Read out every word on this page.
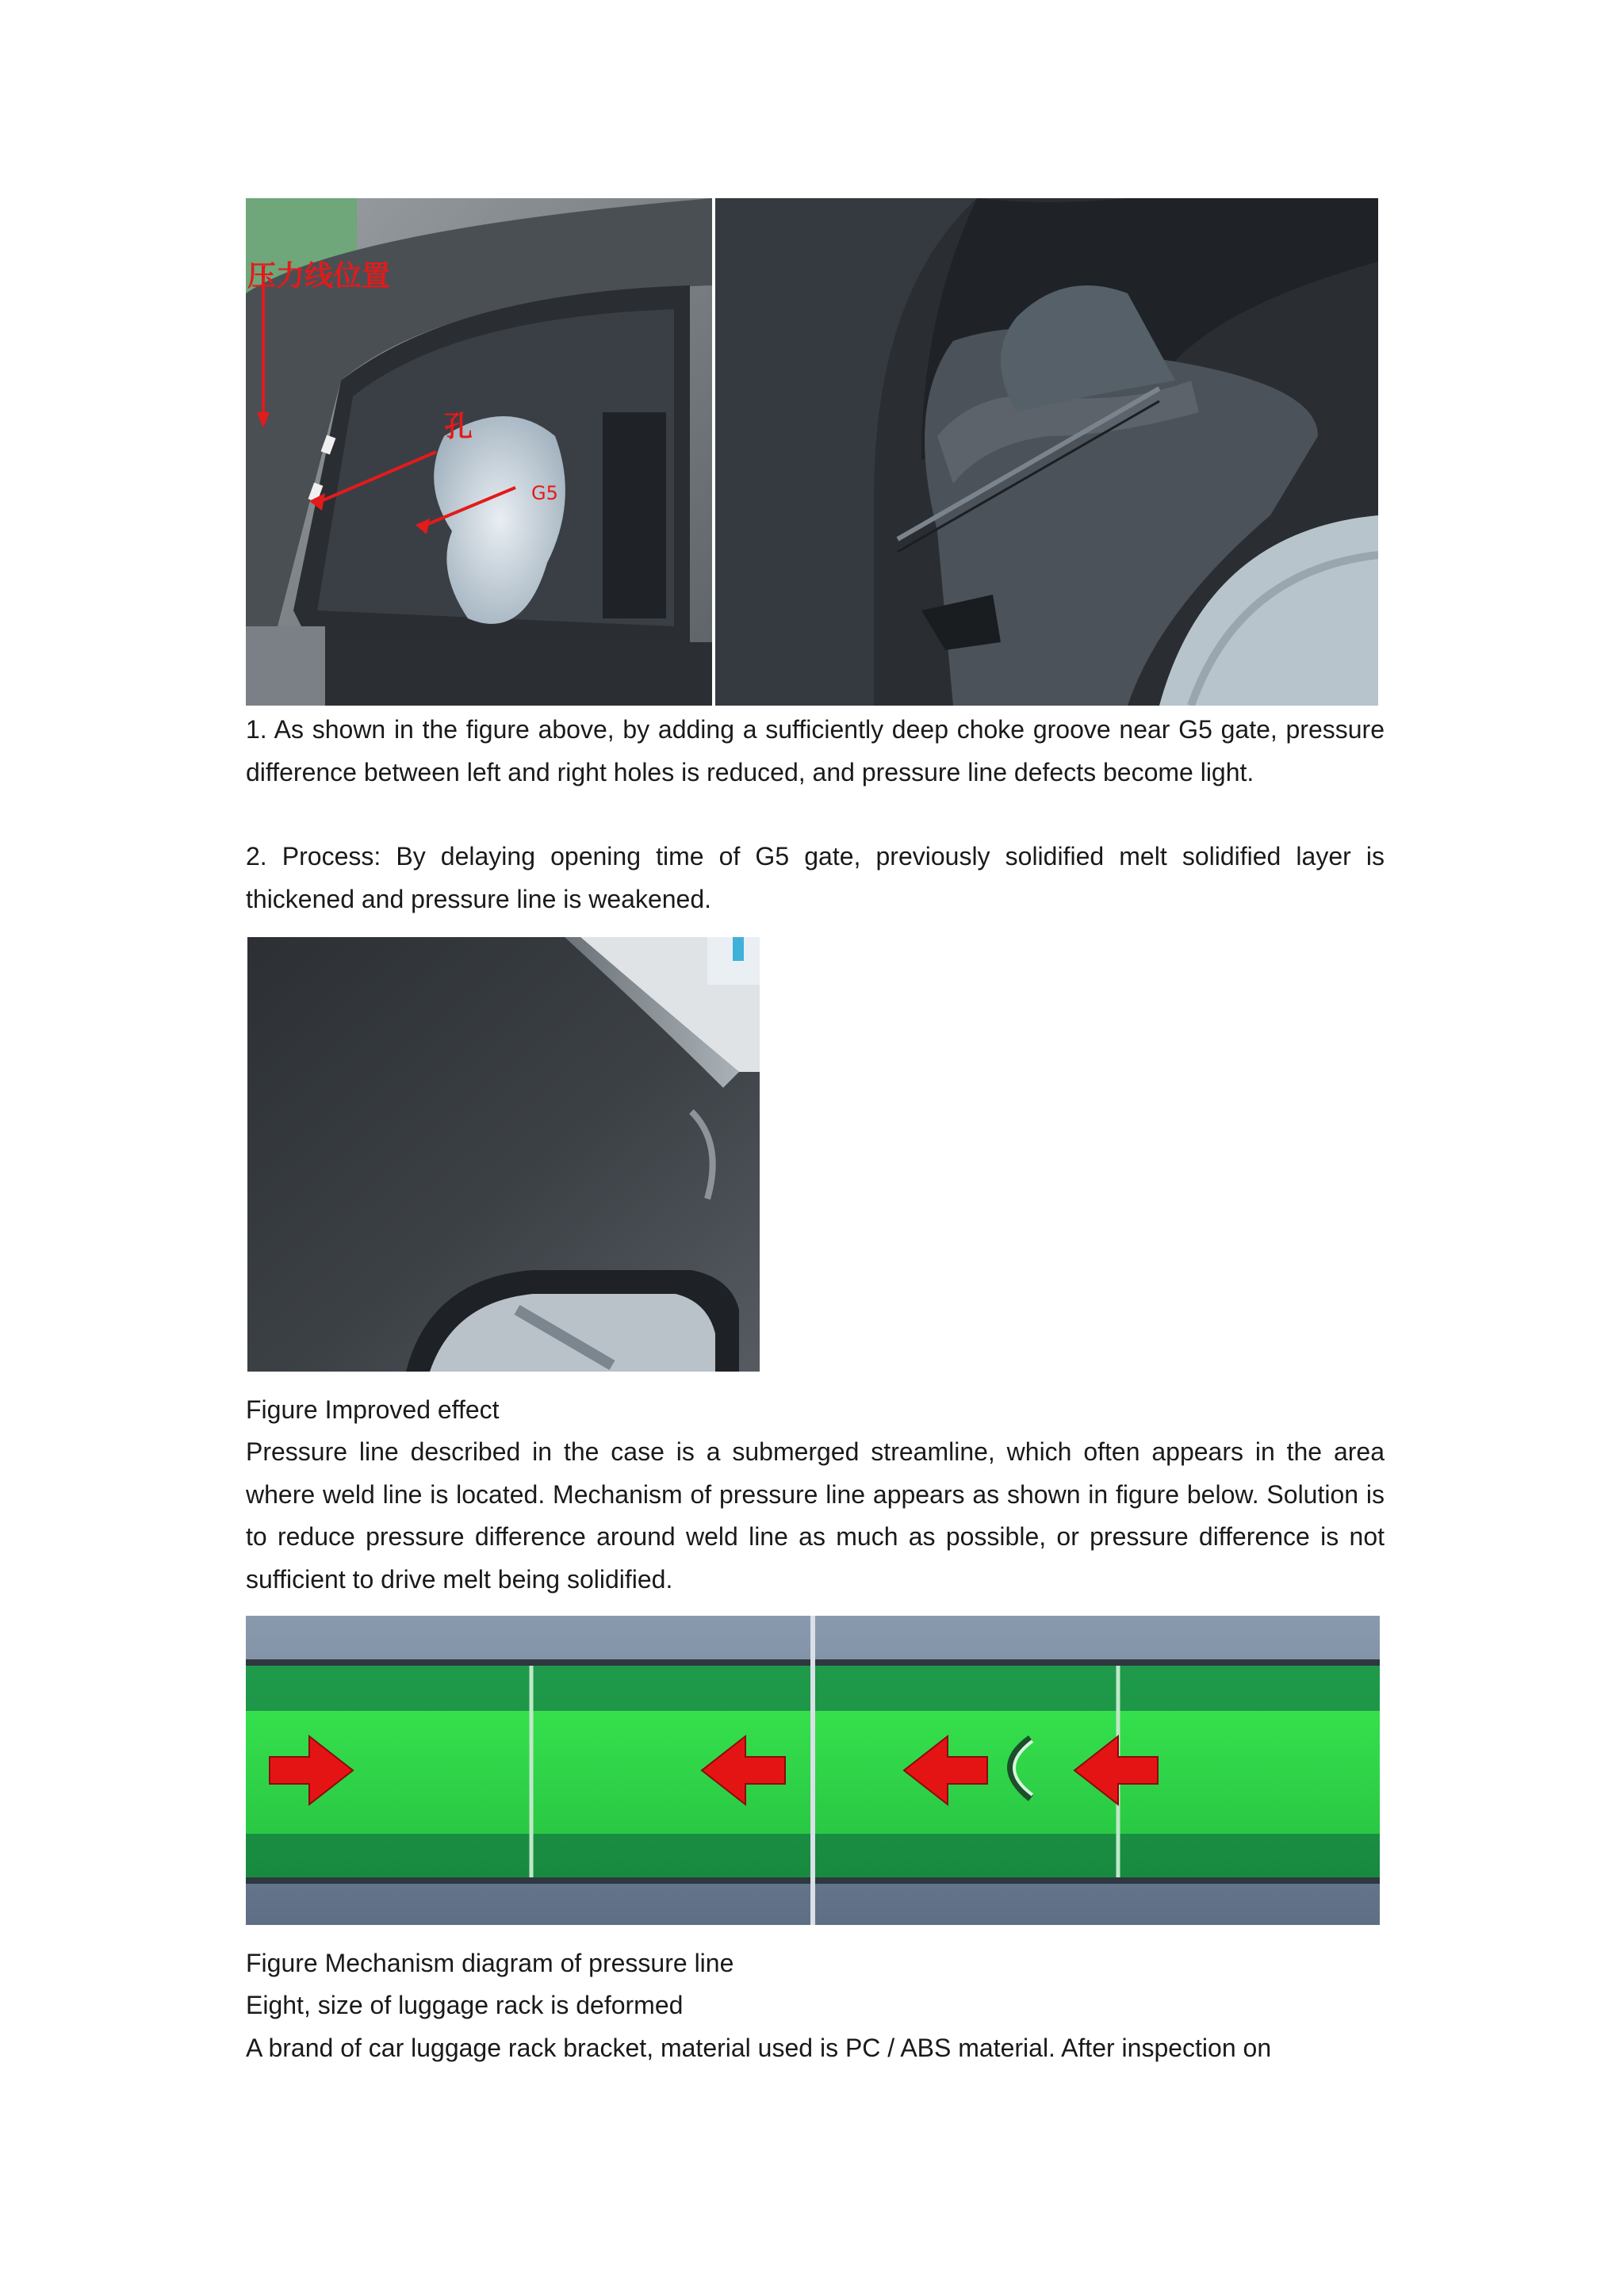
压力线位置
孔
G5

1. As shown in the figure above, by adding a sufficiently deep choke groove near G5 gate, pressure difference between left and right holes is reduced, and pressure line defects become light.

2. Process: By delaying opening time of G5 gate, previously solidified melt solidified layer is thickened and pressure line is weakened.

Figure Improved effect

Pressure line described in the case is a submerged streamline, which often appears in the area where weld line is located. Mechanism of pressure line appears as shown in figure below. Solution is to reduce pressure difference around weld line as much as possible, or pressure difference is not sufficient to drive melt being solidified.

Figure Mechanism diagram of pressure line

Eight, size of luggage rack is deformed

A brand of car luggage rack bracket, material used is PC / ABS material. After inspection on
